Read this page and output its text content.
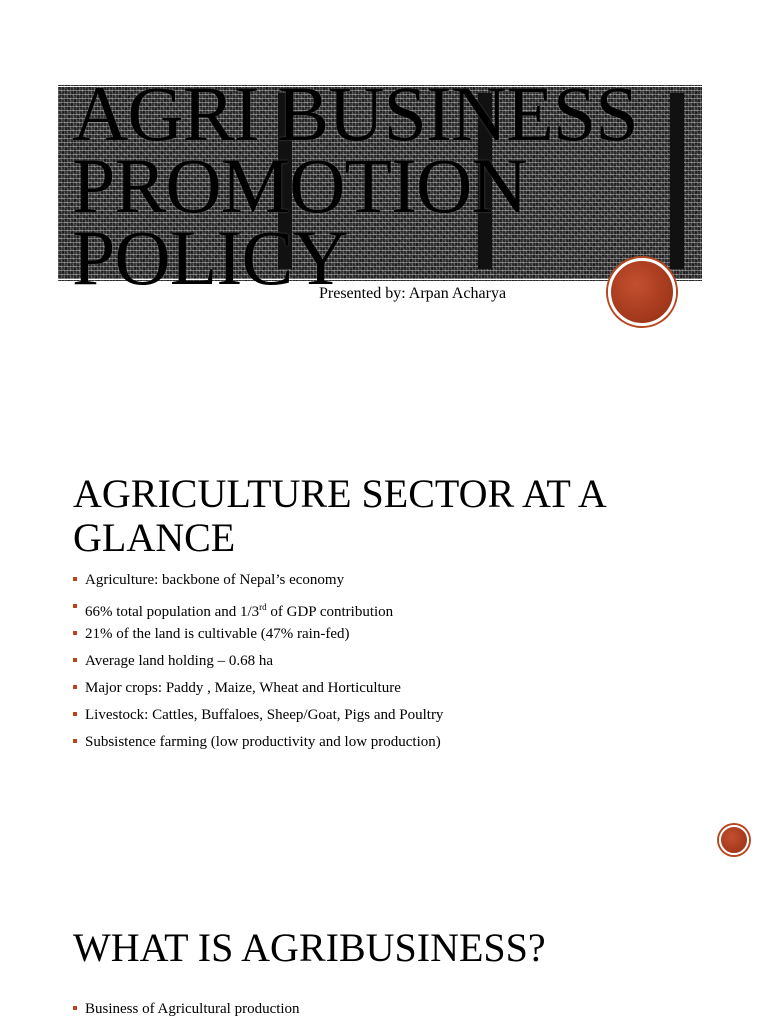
AGRI BUSINESS PROMOTION POLICY
Presented by: Arpan Acharya
AGRICULTURE SECTOR AT A GLANCE
Agriculture: backbone of Nepal’s economy
66% total population and 1/3rd of GDP contribution
21% of the land is cultivable (47% rain-fed)
Average land holding – 0.68 ha
Major crops: Paddy , Maize, Wheat and Horticulture
Livestock: Cattles, Buffaloes, Sheep/Goat, Pigs and Poultry
Subsistence farming (low productivity and low production)
WHAT IS AGRIBUSINESS?
Business of Agricultural production
